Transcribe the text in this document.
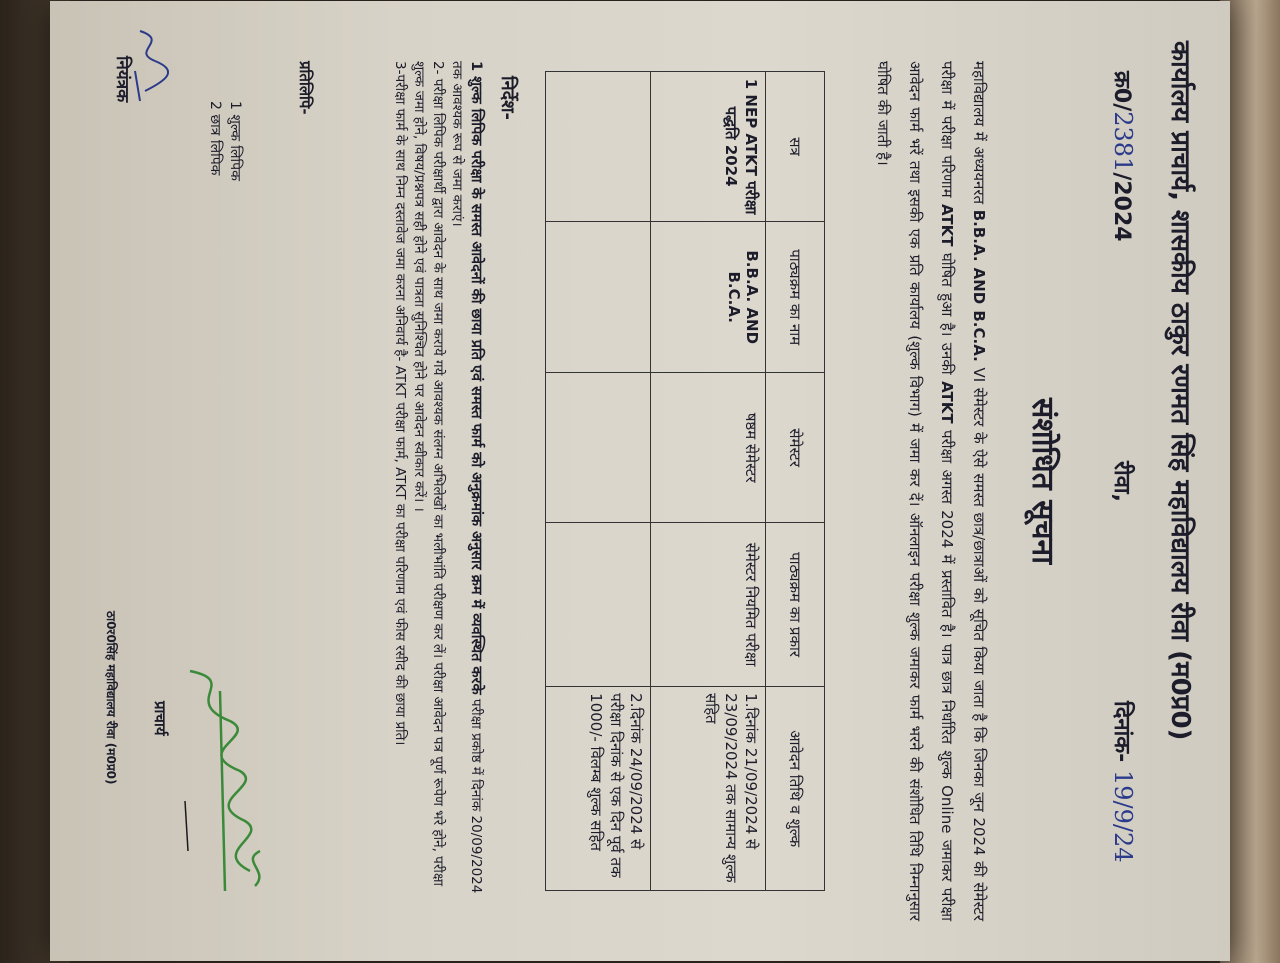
कार्यालय प्राचार्य, शासकीय ठाकुर रणमत सिंह महाविद्यालय रीवा (म0प्र0)
क्र0/2381/2024
रीवा,
दिनांक- 19/9/24
संशोधित सूचना
महाविद्यालय में अध्ययनरत B.B.A. AND B.C.A. VI सेमेस्टर के ऐसे समस्त छात्र/छात्राओं को सूचित किया जाता है कि जिनका जून 2024 की सेमेस्टर परीक्षा में परीक्षा परिणाम ATKT घोषित हुआ है। उनकी ATKT परीक्षा अगस्त 2024 में प्रस्तावित है। पात्र छात्र निर्धारित शुल्क Online जमाकर परीक्षा आवेदन फार्म भरें तथा इसकी एक प्रति कार्यालय (शुल्क विभाग) में जमा कर दें। ऑनलाइन परीक्षा शुल्क जमाकर फार्म भरने की संशोधित तिथि निम्नानुसार घोषित की जाती है।
सत्र	पाठ्यक्रम का नाम	सेमेस्टर	पाठ्यक्रम का प्रकार	आवेदन तिथि व शुल्क
1 NEP ATKT परीक्षा पद्धति 2024	B.B.A. AND B.C.A.	षष्ठम सेमेस्टर	सेमेस्टर नियमित परीक्षा	1.दिनांक 21/09/2024 से 23/09/2024 तक सामान्य शुल्क सहित
				2.दिनांक 24/09/2024 से परीक्षा दिनांक से एक दिन पूर्व तक 1000/- विलम्ब शुल्क सहित
निर्देश-

1 शुल्क लिपिक परीक्षा के समस्त आवेदनों की छाया प्रति एवं समस्त फार्म को अनुक्रमांक अनुसार क्रम में व्यवस्थित करके परीक्षा प्रकोष्ठ में दिनांक 20/09/2024 तक आवश्यक रूप से जमा कराएं।

2- परीक्षा लिपिक परीक्षार्थी द्वारा आवेदन के साथ जमा कराये गये आवश्यक संलग्न अभिलेखों का भलीभांति परीक्षण कर लें। परीक्षा आवेदन पत्र पूर्ण रूपेण भरे होने, परीक्षा शुल्क जमा होने, विषय/प्रश्नपत्र सही होने एवं पात्रता सुनिश्चित होने पर आवेदन स्वीकार करें। ।

3-परीक्षा फार्म के साथ निम्न दस्तावेज जमा करना अनिवार्य है- ATKT परीक्षा फार्म, ATKT का परीक्षा परिणाम एवं फीस रसीद की छाया प्रति।

प्रतिलिपि-
1 शुल्क लिपिक
2 छात्र लिपिक
नियंत्रक
प्राचार्य
ठा0र0सिंह महाविद्यालय रीवा (म0प्र0)
